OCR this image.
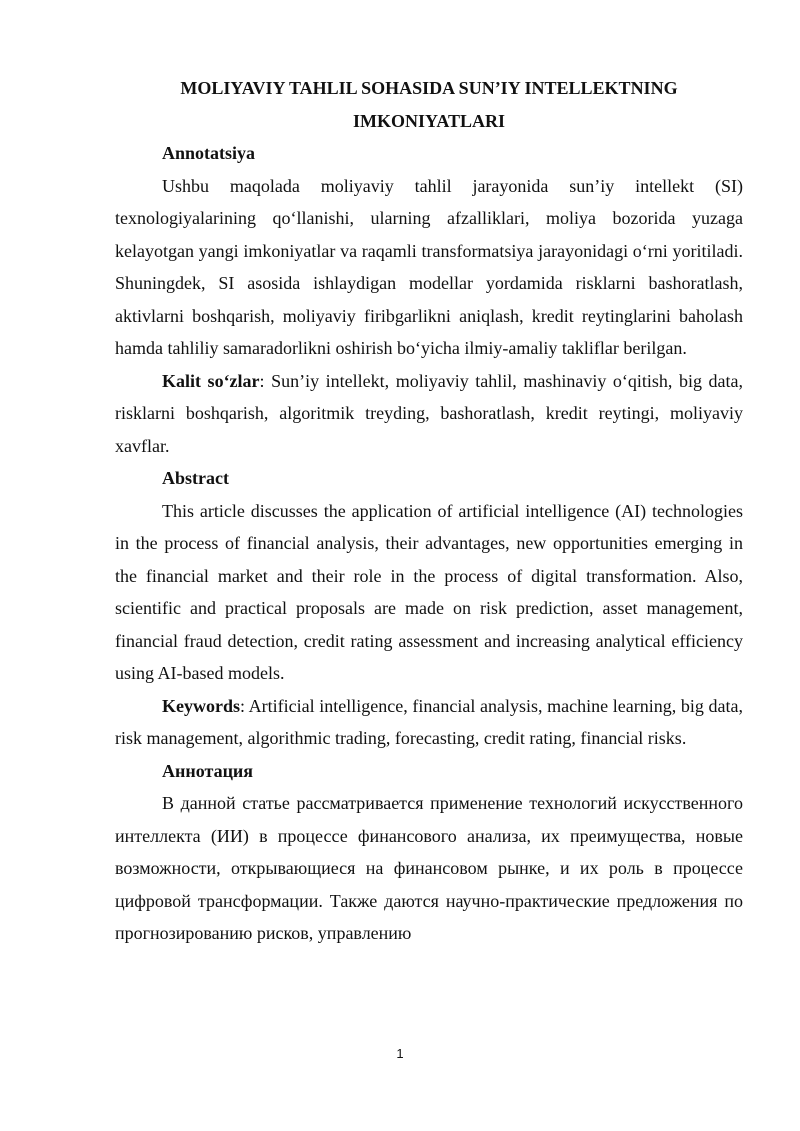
MOLIYAVIY TAHLIL SOHASIDA SUN’IY INTELLEKTNING
IMKONIYATLARI

Annotatsiya

Ushbu maqolada moliyaviy tahlil jarayonida sun’iy intellekt (SI) texnologiyalarining qo‘llanishi, ularning afzalliklari, moliya bozorida yuzaga kelayotgan yangi imkoniyatlar va raqamli transformatsiya jarayonidagi o‘rni yoritiladi. Shuningdek, SI asosida ishlaydigan modellar yordamida risklarni bashoratlash, aktivlarni boshqarish, moliyaviy firibgarlikni aniqlash, kredit reytinglarini baholash hamda tahliliy samaradorlikni oshirish bo‘yicha ilmiy-amaliy takliflar berilgan.

Kalit so‘zlar: Sun’iy intellekt, moliyaviy tahlil, mashinaviy o‘qitish, big data, risklarni boshqarish, algoritmik treyding, bashoratlash, kredit reytingi, moliyaviy xavflar.

Abstract

This article discusses the application of artificial intelligence (AI) technologies in the process of financial analysis, their advantages, new opportunities emerging in the financial market and their role in the process of digital transformation. Also, scientific and practical proposals are made on risk prediction, asset management, financial fraud detection, credit rating assessment and increasing analytical efficiency using AI-based models.

Keywords: Artificial intelligence, financial analysis, machine learning, big data, risk management, algorithmic trading, forecasting, credit rating, financial risks.

Аннотация

В данной статье рассматривается применение технологий искусственного интеллекта (ИИ) в процессе финансового анализа, их преимущества, новые возможности, открывающиеся на финансовом рынке, и их роль в процессе цифровой трансформации. Также даются научно-практические предложения по прогнозированию рисков, управлению

1
